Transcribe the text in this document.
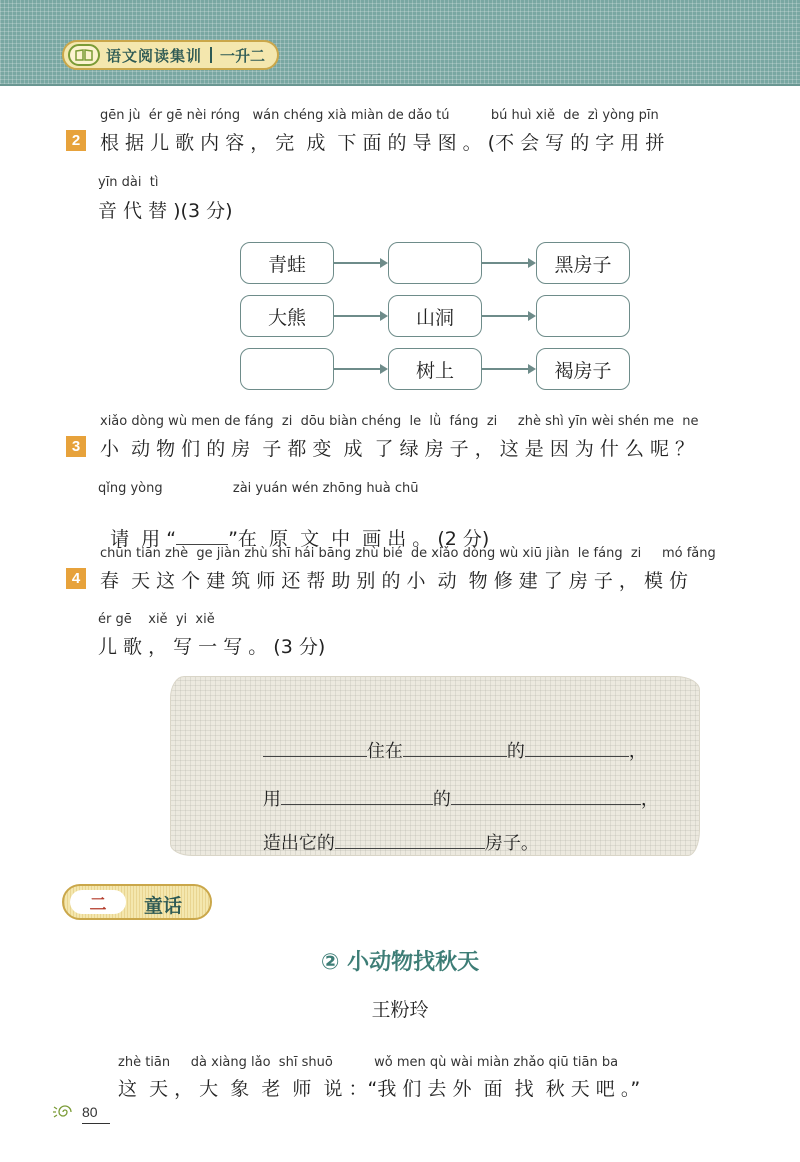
语文阅读集训 一升二
gēn jù  ér gē nèi róng   wán chéng xià miàn de dǎo tú          bú huì xiě  de  zì yòng pīn
2	根 据 儿 歌 内 容 ， 完  成  下 面 的 导 图 。 (不 会 写 的 字 用 拼
yīn dài  tì
音 代 替 )(3 分)
青蛙	黑房子
大熊	山洞
树上	褐房子
xiǎo dòng wù men de fáng  zi  dōu biàn chéng  le  lǜ  fáng  zi     zhè shì yīn wèi shén me  ne
3	小  动 物 们 的 房  子 都 变  成  了 绿 房 子 ， 这 是 因 为 什 么 呢 ？
qǐng yòng                 zài yuán wén zhōng huà chū

请  用 “	”在  原  文  中  画 出 。 (2 分)

chūn tiān zhè  ge jiàn zhù shī hái bāng zhù bié  de xiǎo dòng wù xiū jiàn  le fáng  zi     mó fǎng
4	春  天 这 个 建 筑 师 还 帮 助 别 的 小  动  物 修 建 了 房 子 ， 模 仿
ér gē    xiě  yi  xiě
儿 歌 ， 写 一 写 。 (3 分)

住在	的	，

用	的	，

造出它的	房子。

二	童话
② 小动物找秋天
王粉玲
zhè tiān     dà xiàng lǎo  shī shuō          wǒ men qù wài miàn zhǎo qiū tiān ba
这  天 ， 大  象  老  师  说 ：“我 们 去 外  面  找  秋 天 吧 。”
80
